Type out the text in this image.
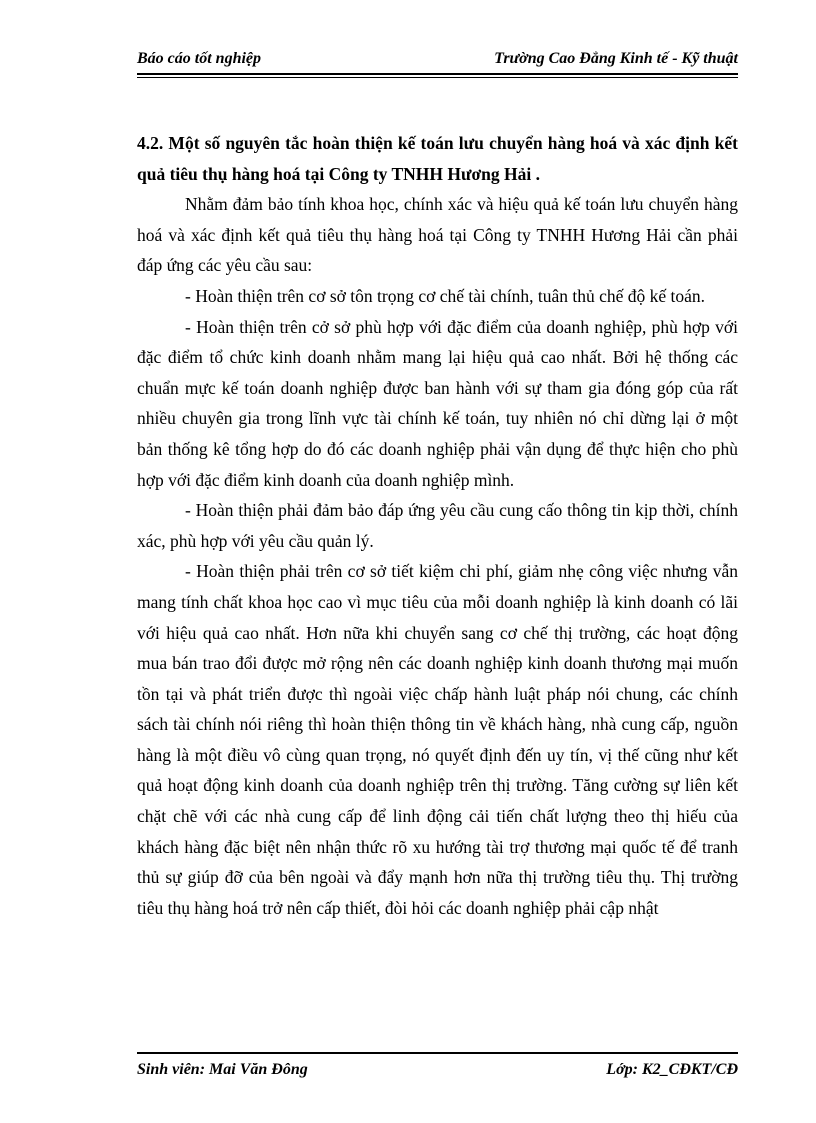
Báo cáo tốt nghiệp	Trường Cao Đẳng Kinh tế - Kỹ thuật

4.2. Một số nguyên tắc hoàn thiện kế toán lưu chuyển hàng hoá và xác định kết quả tiêu thụ hàng hoá tại Công ty TNHH Hương Hải .

Nhằm đảm bảo tính khoa học, chính xác và hiệu quả kế toán lưu chuyển hàng hoá và xác định kết quả tiêu thụ hàng hoá tại Công ty TNHH Hương Hải cần phải đáp ứng các yêu cầu sau:

- Hoàn thiện trên cơ sở tôn trọng cơ chế tài chính, tuân thủ chế độ kế toán.

- Hoàn thiện trên cở sở phù hợp với đặc điểm của doanh nghiệp, phù hợp với đặc điểm tổ chức kinh doanh nhằm mang lại hiệu quả cao nhất. Bởi hệ thống các chuẩn mực kế toán doanh nghiệp được ban hành với sự tham gia đóng góp của rất nhiều chuyên gia trong lĩnh vực tài chính kế toán, tuy nhiên nó chỉ dừng lại ở một bản thống kê tổng hợp do đó các doanh nghiệp phải vận dụng để thực hiện cho phù hợp với đặc điểm kinh doanh của doanh nghiệp mình.

- Hoàn thiện phải đảm bảo đáp ứng yêu cầu cung cấo thông tin kịp thời, chính xác, phù hợp với yêu cầu quản lý.

- Hoàn thiện phải trên cơ sở tiết kiệm chi phí, giảm nhẹ công việc nhưng vẫn mang tính chất khoa học cao vì mục tiêu của mỗi doanh nghiệp là kinh doanh có lãi với hiệu quả cao nhất. Hơn nữa khi chuyển sang cơ chế thị trường, các hoạt động mua bán trao đổi được mở rộng nên các doanh nghiệp kinh doanh thương mại muốn tồn tại và phát triển được thì ngoài việc chấp hành luật pháp nói chung, các chính sách tài chính nói riêng thì hoàn thiện thông tin về khách hàng, nhà cung cấp, nguồn hàng là một điều vô cùng quan trọng, nó quyết định đến uy tín, vị thế cũng như kết quả hoạt động kinh doanh của doanh nghiệp trên thị trường. Tăng cường sự liên kết chặt chẽ với các nhà cung cấp để linh động cải tiến chất lượng theo thị hiếu của khách hàng đặc biệt nên nhận thức rõ xu hướng tài trợ thương mại quốc tế để tranh thủ sự giúp đỡ của bên ngoài và đẩy mạnh hơn nữa thị trường tiêu thụ. Thị trường tiêu thụ hàng hoá trở nên cấp thiết, đòi hỏi các doanh nghiệp phải cập nhật

Sinh viên: Mai Văn Đông	Lớp: K2_CĐKT/CĐ
